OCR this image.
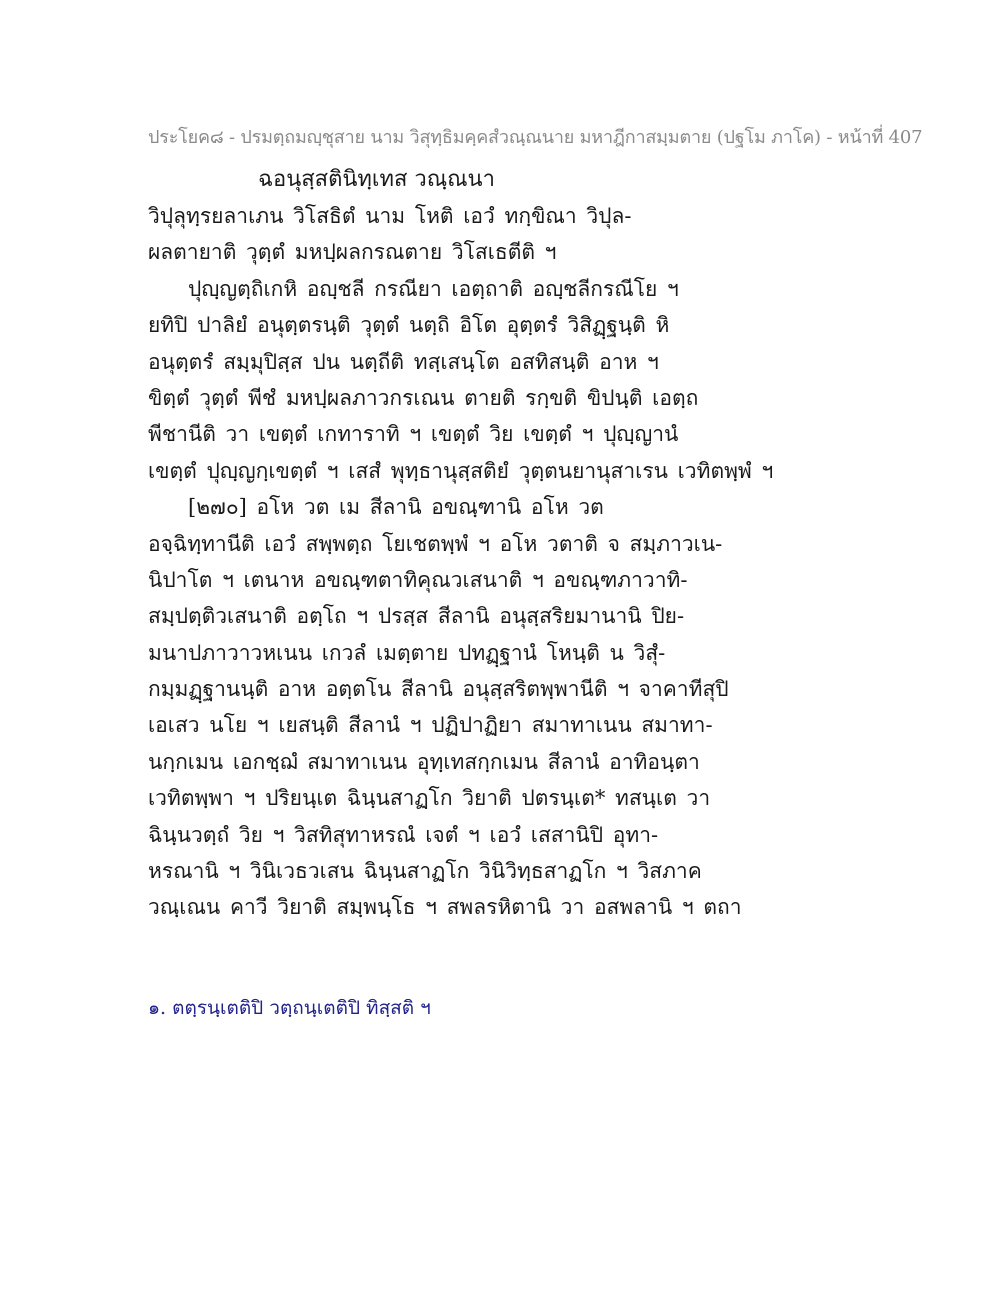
ประโยค๘ - ปรมตฺถมญฺชุสาย นาม วิสุทฺธิมคฺคสํวณฺณนาย มหาฎีกาสมฺมตาย (ปฐโม ภาโค) - หน้าที่ 407
ฉอนุสฺสตินิทฺเทส วณฺณนา
วิปุลุทฺรยลาเภน วิโสธิตํ นาม โหติ เอวํ ทกฺขิณา วิปุล-
ผลตายาติ วุตฺตํ มหปฺผลกรณตาย วิโสเธตีติ ฯ
ปุญฺญตฺถิเกหิ อญฺชลี กรณียา เอตฺถาติ อญฺชลีกรณีโย ฯ
ยทิปิ ปาลิยํ อนุตฺตรนฺติ วุตฺตํ นตฺถิ อิโต อุตฺตรํ วิสิฏฺฐนฺติ หิ
อนุตฺตรํ สมฺมุปิสฺส ปน นตฺถีติ ทสฺเสนฺโต อสทิสนฺติ อาห ฯ
ขิตฺตํ วุตฺตํ พีชํ มหปฺผลภาวกรเณน ตายติ รกฺขติ ขิปนฺติ เอตฺถ
พีชานีติ วา เขตฺตํ เกทาราทิ ฯ เขตฺตํ วิย เขตฺตํ ฯ ปุญฺญานํ
เขตฺตํ ปุญฺญกฺเขตฺตํ ฯ เสสํ พุทฺธานุสฺสติยํ วุตฺตนยานุสาเรน เวทิตพฺพํ ฯ
[๒๗๐] อโห วต เม สีลานิ อขณฺฑานิ อโห วต
อจฺฉิทฺทานีติ เอวํ สพฺพตฺถ โยเชตพฺพํ ฯ อโห วตาติ จ สมฺภาวเน-
นิปาโต ฯ เตนาห อขณฺฑตาทิคุณวเสนาติ ฯ อขณฺฑภาวาทิ-
สมฺปตฺติวเสนาติ อตฺโถ ฯ ปรสฺส สีลานิ อนุสฺสริยมานานิ ปิย-
มนาปภาวาวหเนน เกวลํ เมตฺตาย ปทฏฺฐานํ โหนฺติ น วิสุํ-
กมฺมฏฺฐานนฺติ อาห อตฺตโน สีลานิ อนุสฺสริตพฺพานีติ ฯ จาคาทีสุปิ
เอเสว นโย ฯ เยสนฺติ สีลานํ ฯ ปฏิปาฏิยา สมาทาเนน สมาทา-
นกฺกเมน เอกชฺฌํ สมาทาเนน อุทฺเทสกฺกเมน สีลานํ อาทิอนฺตา
เวทิตพฺพา ฯ ปริยนฺเต ฉินฺนสาฏโก วิยาติ ปตรนฺเต* ทสนฺเต วา
ฉินฺนวตฺถํ วิย ฯ วิสทิสุทาหรณํ เจตํ ฯ เอวํ เสสานิปิ อุทา-
หรณานิ ฯ วินิเวธวเสน ฉินฺนสาฏโก วินิวิทฺธสาฏโก ฯ วิสภาค
วณฺเณน คาวี วิยาติ สมฺพนฺโธ ฯ สพลรหิตานิ วา อสพลานิ ฯ ตถา
๑. ตตฺรนฺเตติปิ วตฺถนฺเตติปิ ทิสฺสติ ฯ
